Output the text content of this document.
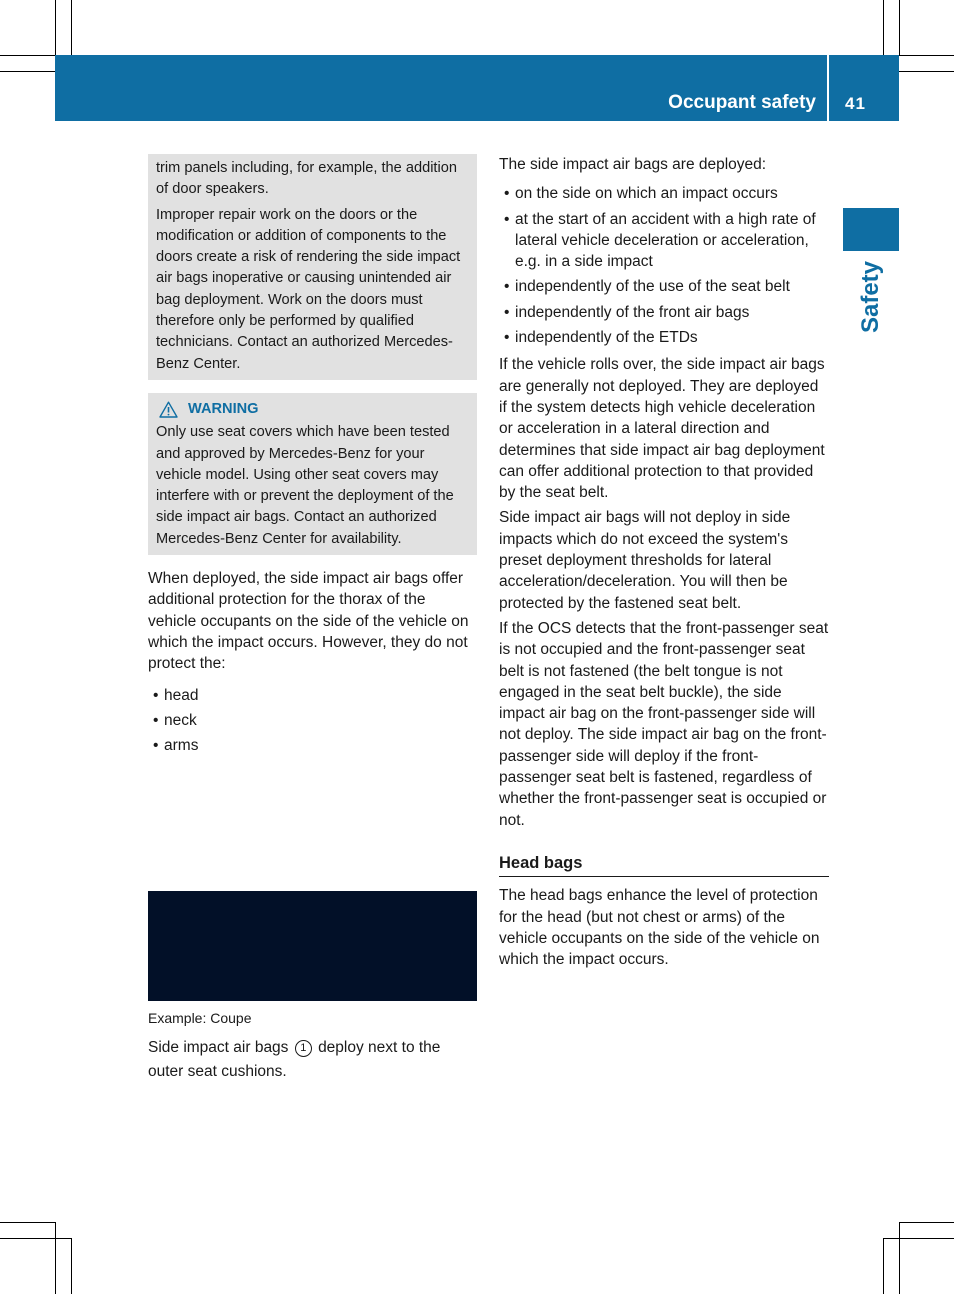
Occupant safety 41
Safety

trim panels including, for example, the addition of door speakers.

Improper repair work on the doors or the modification or addition of components to the doors create a risk of rendering the side impact air bags inoperative or causing unintended air bag deployment. Work on the doors must therefore only be performed by qualified technicians. Contact an authorized Mercedes-Benz Center.

WARNING

Only use seat covers which have been tested and approved by Mercedes-Benz for your vehicle model. Using other seat covers may interfere with or prevent the deployment of the side impact air bags. Contact an authorized Mercedes-Benz Center for availability.

When deployed, the side impact air bags offer additional protection for the thorax of the vehicle occupants on the side of the vehicle on which the impact occurs. However, they do not protect the:

• head
• neck
• arms
Example: Coupe
Side impact air bags 1 deploy next to the outer seat cushions.

The side impact air bags are deployed:

• on the side on which an impact occurs
• at the start of an accident with a high rate of lateral vehicle deceleration or acceleration, e.g. in a side impact
• independently of the use of the seat belt
• independently of the front air bags
• independently of the ETDs

If the vehicle rolls over, the side impact air bags are generally not deployed. They are deployed if the system detects high vehicle deceleration or acceleration in a lateral direction and determines that side impact air bag deployment can offer additional protection to that provided by the seat belt.

Side impact air bags will not deploy in side impacts which do not exceed the system's preset deployment thresholds for lateral acceleration/deceleration. You will then be protected by the fastened seat belt.

If the OCS detects that the front-passenger seat is not occupied and the front-passenger seat belt is not fastened (the belt tongue is not engaged in the seat belt buckle), the side impact air bag on the front-passenger side will not deploy. The side impact air bag on the front-passenger side will deploy if the front-passenger seat belt is fastened, regardless of whether the front-passenger seat is occupied or not.

Head bags

The head bags enhance the level of protection for the head (but not chest or arms) of the vehicle occupants on the side of the vehicle on which the impact occurs.
